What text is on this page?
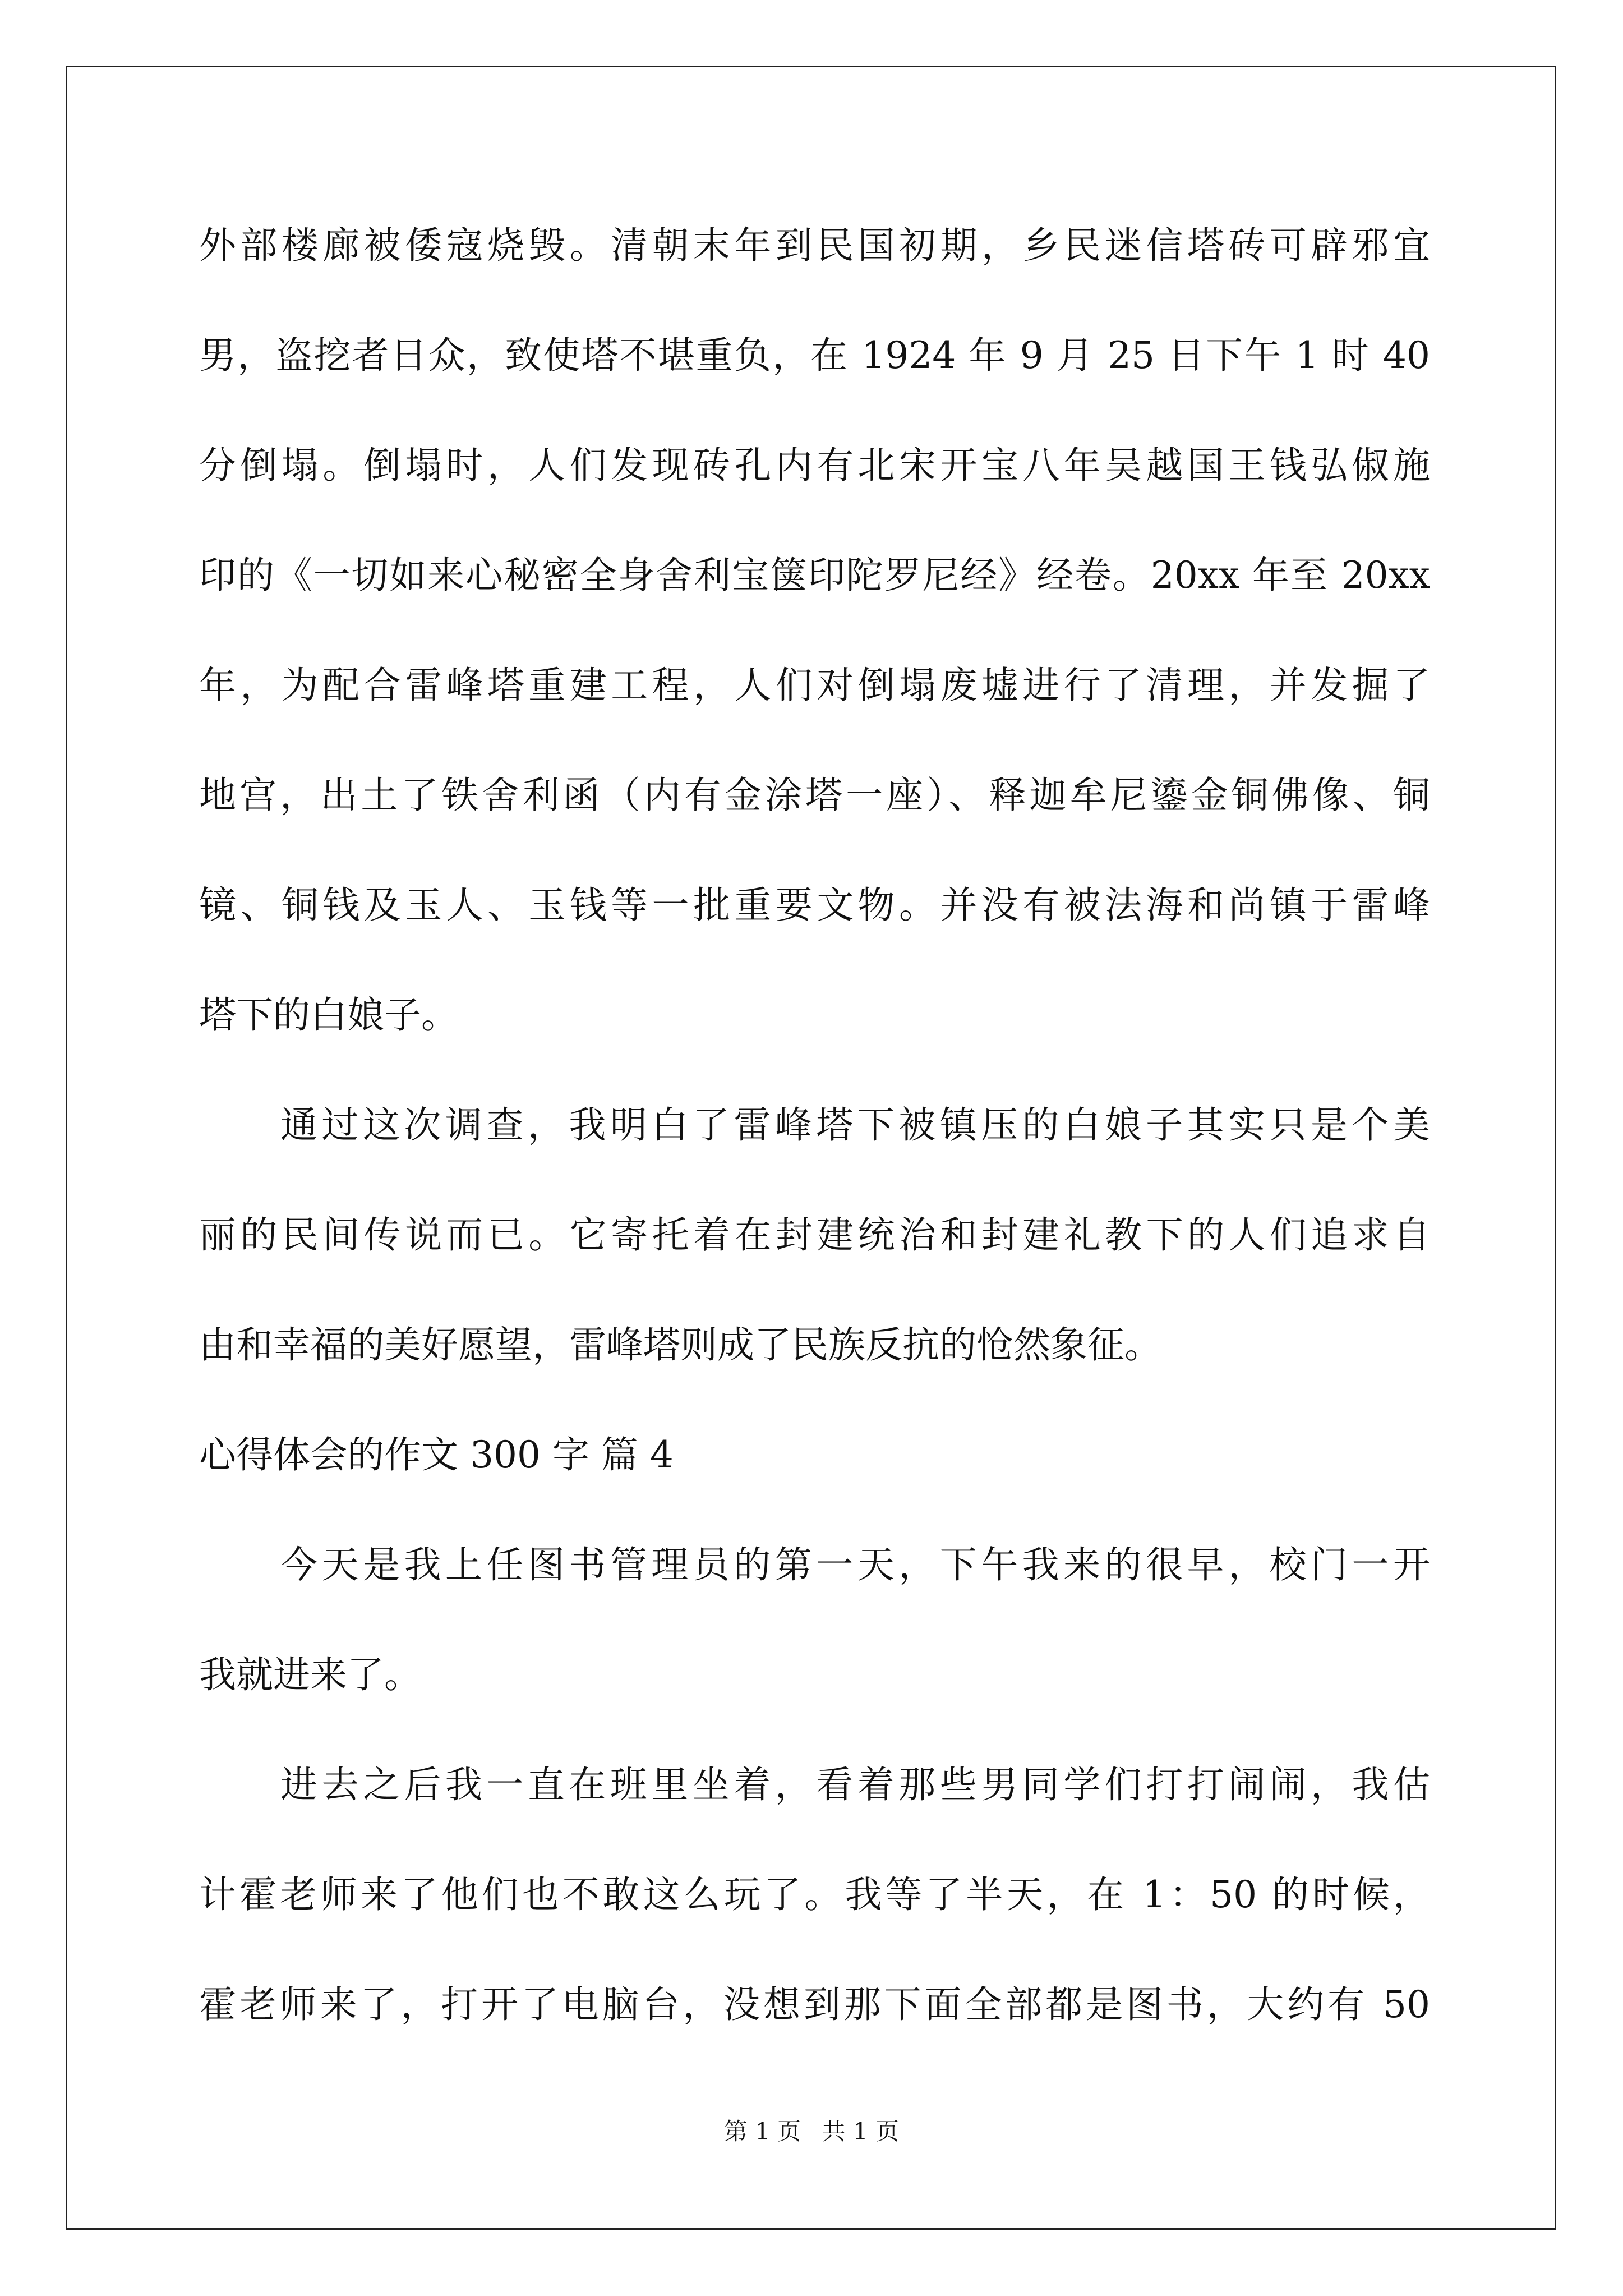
外部楼廊被倭寇烧毁。清朝末年到民国初期，乡民迷信塔砖可辟邪宜
男，盗挖者日众，致使塔不堪重负，在 1924 年 9 月 25 日下午 1 时 40
分倒塌。倒塌时，人们发现砖孔内有北宋开宝八年吴越国王钱弘俶施
印的《一切如来心秘密全身舍利宝箧印陀罗尼经》经卷。20xx 年至 20xx
年，为配合雷峰塔重建工程，人们对倒塌废墟进行了清理，并发掘了
地宫，出土了铁舍利函（内有金涂塔一座）、释迦牟尼鎏金铜佛像、铜
镜、铜钱及玉人、玉钱等一批重要文物。并没有被法海和尚镇于雷峰
塔下的白娘子。
通过这次调查，我明白了雷峰塔下被镇压的白娘子其实只是个美
丽的民间传说而已。它寄托着在封建统治和封建礼教下的人们追求自
由和幸福的美好愿望，雷峰塔则成了民族反抗的怆然象征。
心得体会的作文 300 字 篇 4
今天是我上任图书管理员的第一天，下午我来的很早，校门一开
我就进来了。
进去之后我一直在班里坐着，看着那些男同学们打打闹闹，我估
计霍老师来了他们也不敢这么玩了。我等了半天，在 1：50 的时候，
霍老师来了，打开了电脑台，没想到那下面全部都是图书，大约有 50
第 1 页 共 1 页
